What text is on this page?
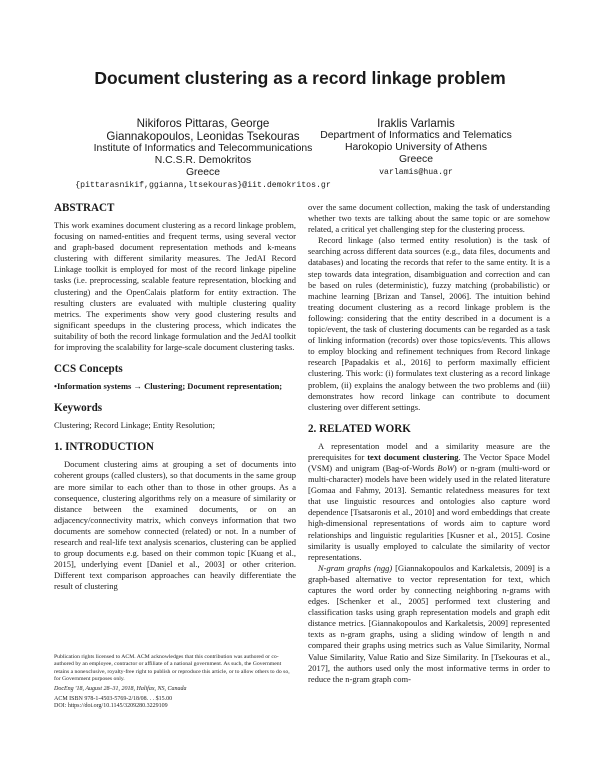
Document clustering as a record linkage problem
Nikiforos Pittaras, George
Giannakopoulos, Leonidas Tsekouras
Institute of Informatics and Telecommunications
N.C.S.R. Demokritos
Greece
{pittarasnikif,ggianna,ltsekouras}@iit.demokritos.gr
Iraklis Varlamis
Department of Informatics and Telematics
Harokopio University of Athens
Greece
varlamis@hua.gr
ABSTRACT

This work examines document clustering as a record linkage problem, focusing on named-entities and frequent terms, using several vector and graph-based document representation methods and k-means clustering with different similarity measures. The JedAI Record Linkage toolkit is employed for most of the record linkage pipeline tasks (i.e. preprocessing, scalable feature representation, blocking and clustering) and the OpenCalais platform for entity extraction. The resulting clusters are evaluated with multiple clustering quality metrics. The experiments show very good clustering results and significant speedups in the clustering process, which indicates the suitability of both the record linkage formulation and the JedAI toolkit for improving the scalability for large-scale document clustering tasks.

CCS Concepts

•Information systems → Clustering; Document representation;

Keywords

Clustering; Record Linkage; Entity Resolution;

1. INTRODUCTION

Document clustering aims at grouping a set of documents into coherent groups (called clusters), so that documents in the same group are more similar to each other than to those in other groups. As a consequence, clustering algorithms rely on a measure of similarity or distance between the examined documents, or on an adjacency/connectivity matrix, which conveys information that two documents are somehow connected (related) or not. In a number of research and real-life text analysis scenarios, clustering can be applied to group documents e.g. based on their common topic [Kuang et al., 2015], underlying event [Daniel et al., 2003] or other criterion. Different text comparison approaches can heavily differentiate the result of clustering

Publication rights licensed to ACM. ACM acknowledges that this contribution was authored or co-authored by an employee, contractor or affiliate of a national government. As such, the Government retains a nonexclusive, royalty-free right to publish or reproduce this article, or to allow others to do so, for Government purposes only.
DocEng '18, August 28–31, 2018, Halifax, NS, Canada
ACM ISBN 978-1-4503-5769-2/18/08. . . $15.00
DOI: https://doi.org/10.1145/3209280.3229109

over the same document collection, making the task of understanding whether two texts are talking about the same topic or are somehow related, a critical yet challenging step for the clustering process.

Record linkage (also termed entity resolution) is the task of searching across different data sources (e.g., data files, documents and databases) and locating the records that refer to the same entity. It is a step towards data integration, disambiguation and correction and can be based on rules (deterministic), fuzzy matching (probabilistic) or machine learning [Brizan and Tansel, 2006]. The intuition behind treating document clustering as a record linkage problem is the following: considering that the entity described in a document is a topic/event, the task of clustering documents can be regarded as a task of linking information (records) over those topics/events. This allows to employ blocking and refinement techniques from Record linkage research [Papadakis et al., 2016] to perform maximally efficient clustering. This work: (i) formulates text clustering as a record linkage problem, (ii) explains the analogy between the two problems and (iii) demonstrates how record linkage can contribute to document clustering over different settings.

2. RELATED WORK

A representation model and a similarity measure are the prerequisites for text document clustering. The Vector Space Model (VSM) and unigram (Bag-of-Words BoW) or n-gram (multi-word or multi-character) models have been widely used in the related literature [Gomaa and Fahmy, 2013]. Semantic relatedness measures for text that use linguistic resources and ontologies also capture word dependence [Tsatsaronis et al., 2010] and word embeddings that create high-dimensional representations of words aim to capture word relationships and linguistic regularities [Kusner et al., 2015]. Cosine similarity is usually employed to calculate the similarity of vector representations.

N-gram graphs (ngg) [Giannakopoulos and Karkaletsis, 2009] is a graph-based alternative to vector representation for text, which captures the word order by connecting neighboring n-grams with edges. [Schenker et al., 2005] performed text clustering and classification tasks using graph representation models and graph edit distance metrics. [Giannakopoulos and Karkaletsis, 2009] represented texts as n-gram graphs, using a sliding window of length n and compared their graphs using metrics such as Value Similarity, Normal Value Similarity, Value Ratio and Size Similarity. In [Tsekouras et al., 2017], the authors used only the most informative terms in order to reduce the n-gram graph com-
